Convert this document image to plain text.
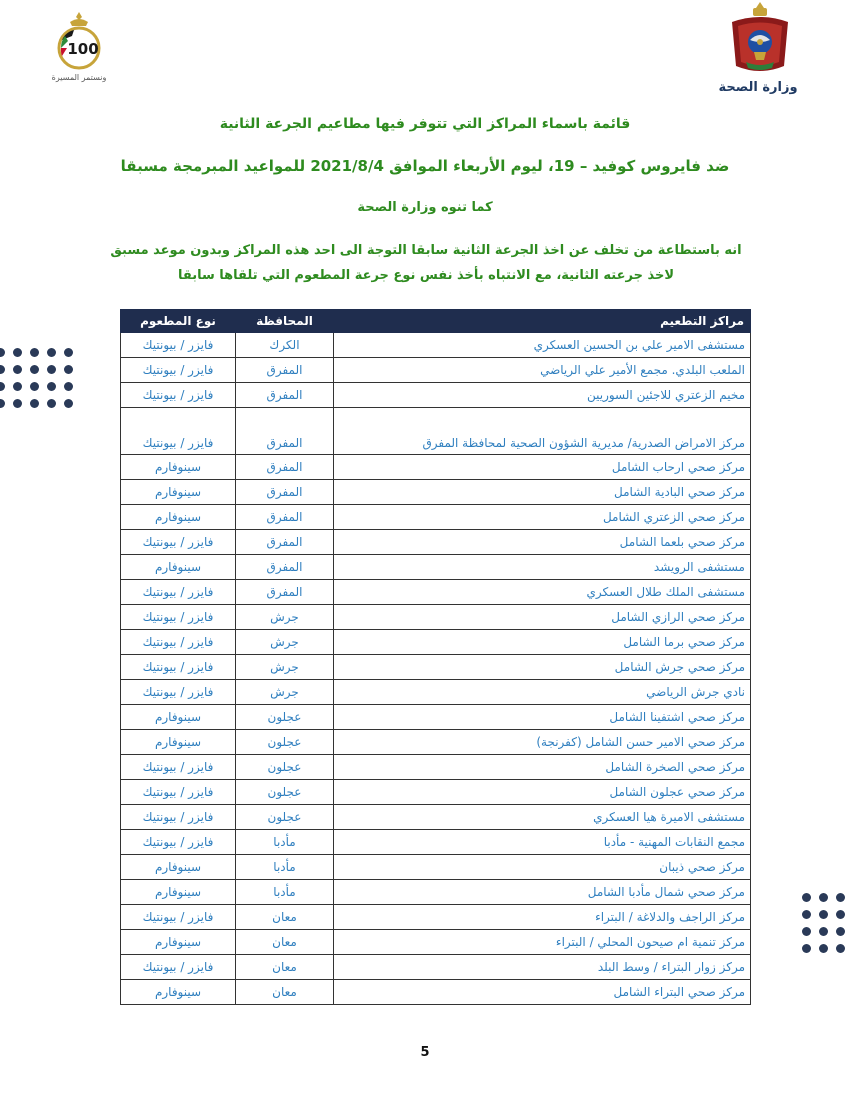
100
ونستمر المسيرة
وزارة الصحة
قائمة باسماء المراكز التي تتوفر فيها مطاعيم الجرعة الثانية
ضد فايروس كوفيد – 19، ليوم الأربعاء الموافق 2021/8/4 للمواعيد المبرمجة مسبقا
كما تنوه وزارة الصحة
انه باستطاعة من تخلف عن اخذ الجرعة الثانية سابقا التوجة الى احد هذه المراكز وبدون موعد مسبق لاخذ جرعته الثانية، مع الانتباه بأخذ نفس نوع جرعة المطعوم التي تلقاها سابقا
مراكز التطعيم	المحافظة	نوع المطعوم
مستشفى الامير علي بن الحسين العسكري	الكرك	فايزر / بيونتيك
الملعب البلدي. مجمع الأمير علي الرياضي	المفرق	فايزر / بيونتيك
مخيم الزعتري للاجئين السوريين	المفرق	فايزر / بيونتيك
مركز الامراض الصدرية/ مديرية الشؤون الصحية لمحافظة المفرق	المفرق	فايزر / بيونتيك
مركز صحي ارحاب الشامل	المفرق	سينوفارم
مركز صحي البادية الشامل	المفرق	سينوفارم
مركز صحي الزعتري الشامل	المفرق	سينوفارم
مركز صحي بلعما الشامل	المفرق	فايزر / بيونتيك
مستشفى الرويشد	المفرق	سينوفارم
مستشفى الملك طلال العسكري	المفرق	فايزر / بيونتيك
مركز صحي الرازي الشامل	جرش	فايزر / بيونتيك
مركز صحي برما الشامل	جرش	فايزر / بيونتيك
مركز صحي جرش الشامل	جرش	فايزر / بيونتيك
نادي جرش الرياضي	جرش	فايزر / بيونتيك
مركز صحي اشتفينا الشامل	عجلون	سينوفارم
مركز صحي الامير حسن الشامل (كفرنجة)	عجلون	سينوفارم
مركز صحي الصخرة الشامل	عجلون	فايزر / بيونتيك
مركز صحي عجلون الشامل	عجلون	فايزر / بيونتيك
مستشفى الاميرة هيا العسكري	عجلون	فايزر / بيونتيك
مجمع النقابات المهنية - مأدبا	مأدبا	فايزر / بيونتيك
مركز صحي ذيبان	مأدبا	سينوفارم
مركز صحي شمال مأدبا الشامل	مأدبا	سينوفارم
مركز الراجف والدلاغة / البتراء	معان	فايزر / بيونتيك
مركز تنمية ام صيحون المحلي / البتراء	معان	سينوفارم
مركز زوار البتراء / وسط البلد	معان	فايزر / بيونتيك
مركز صحي البتراء الشامل	معان	سينوفارم
5
